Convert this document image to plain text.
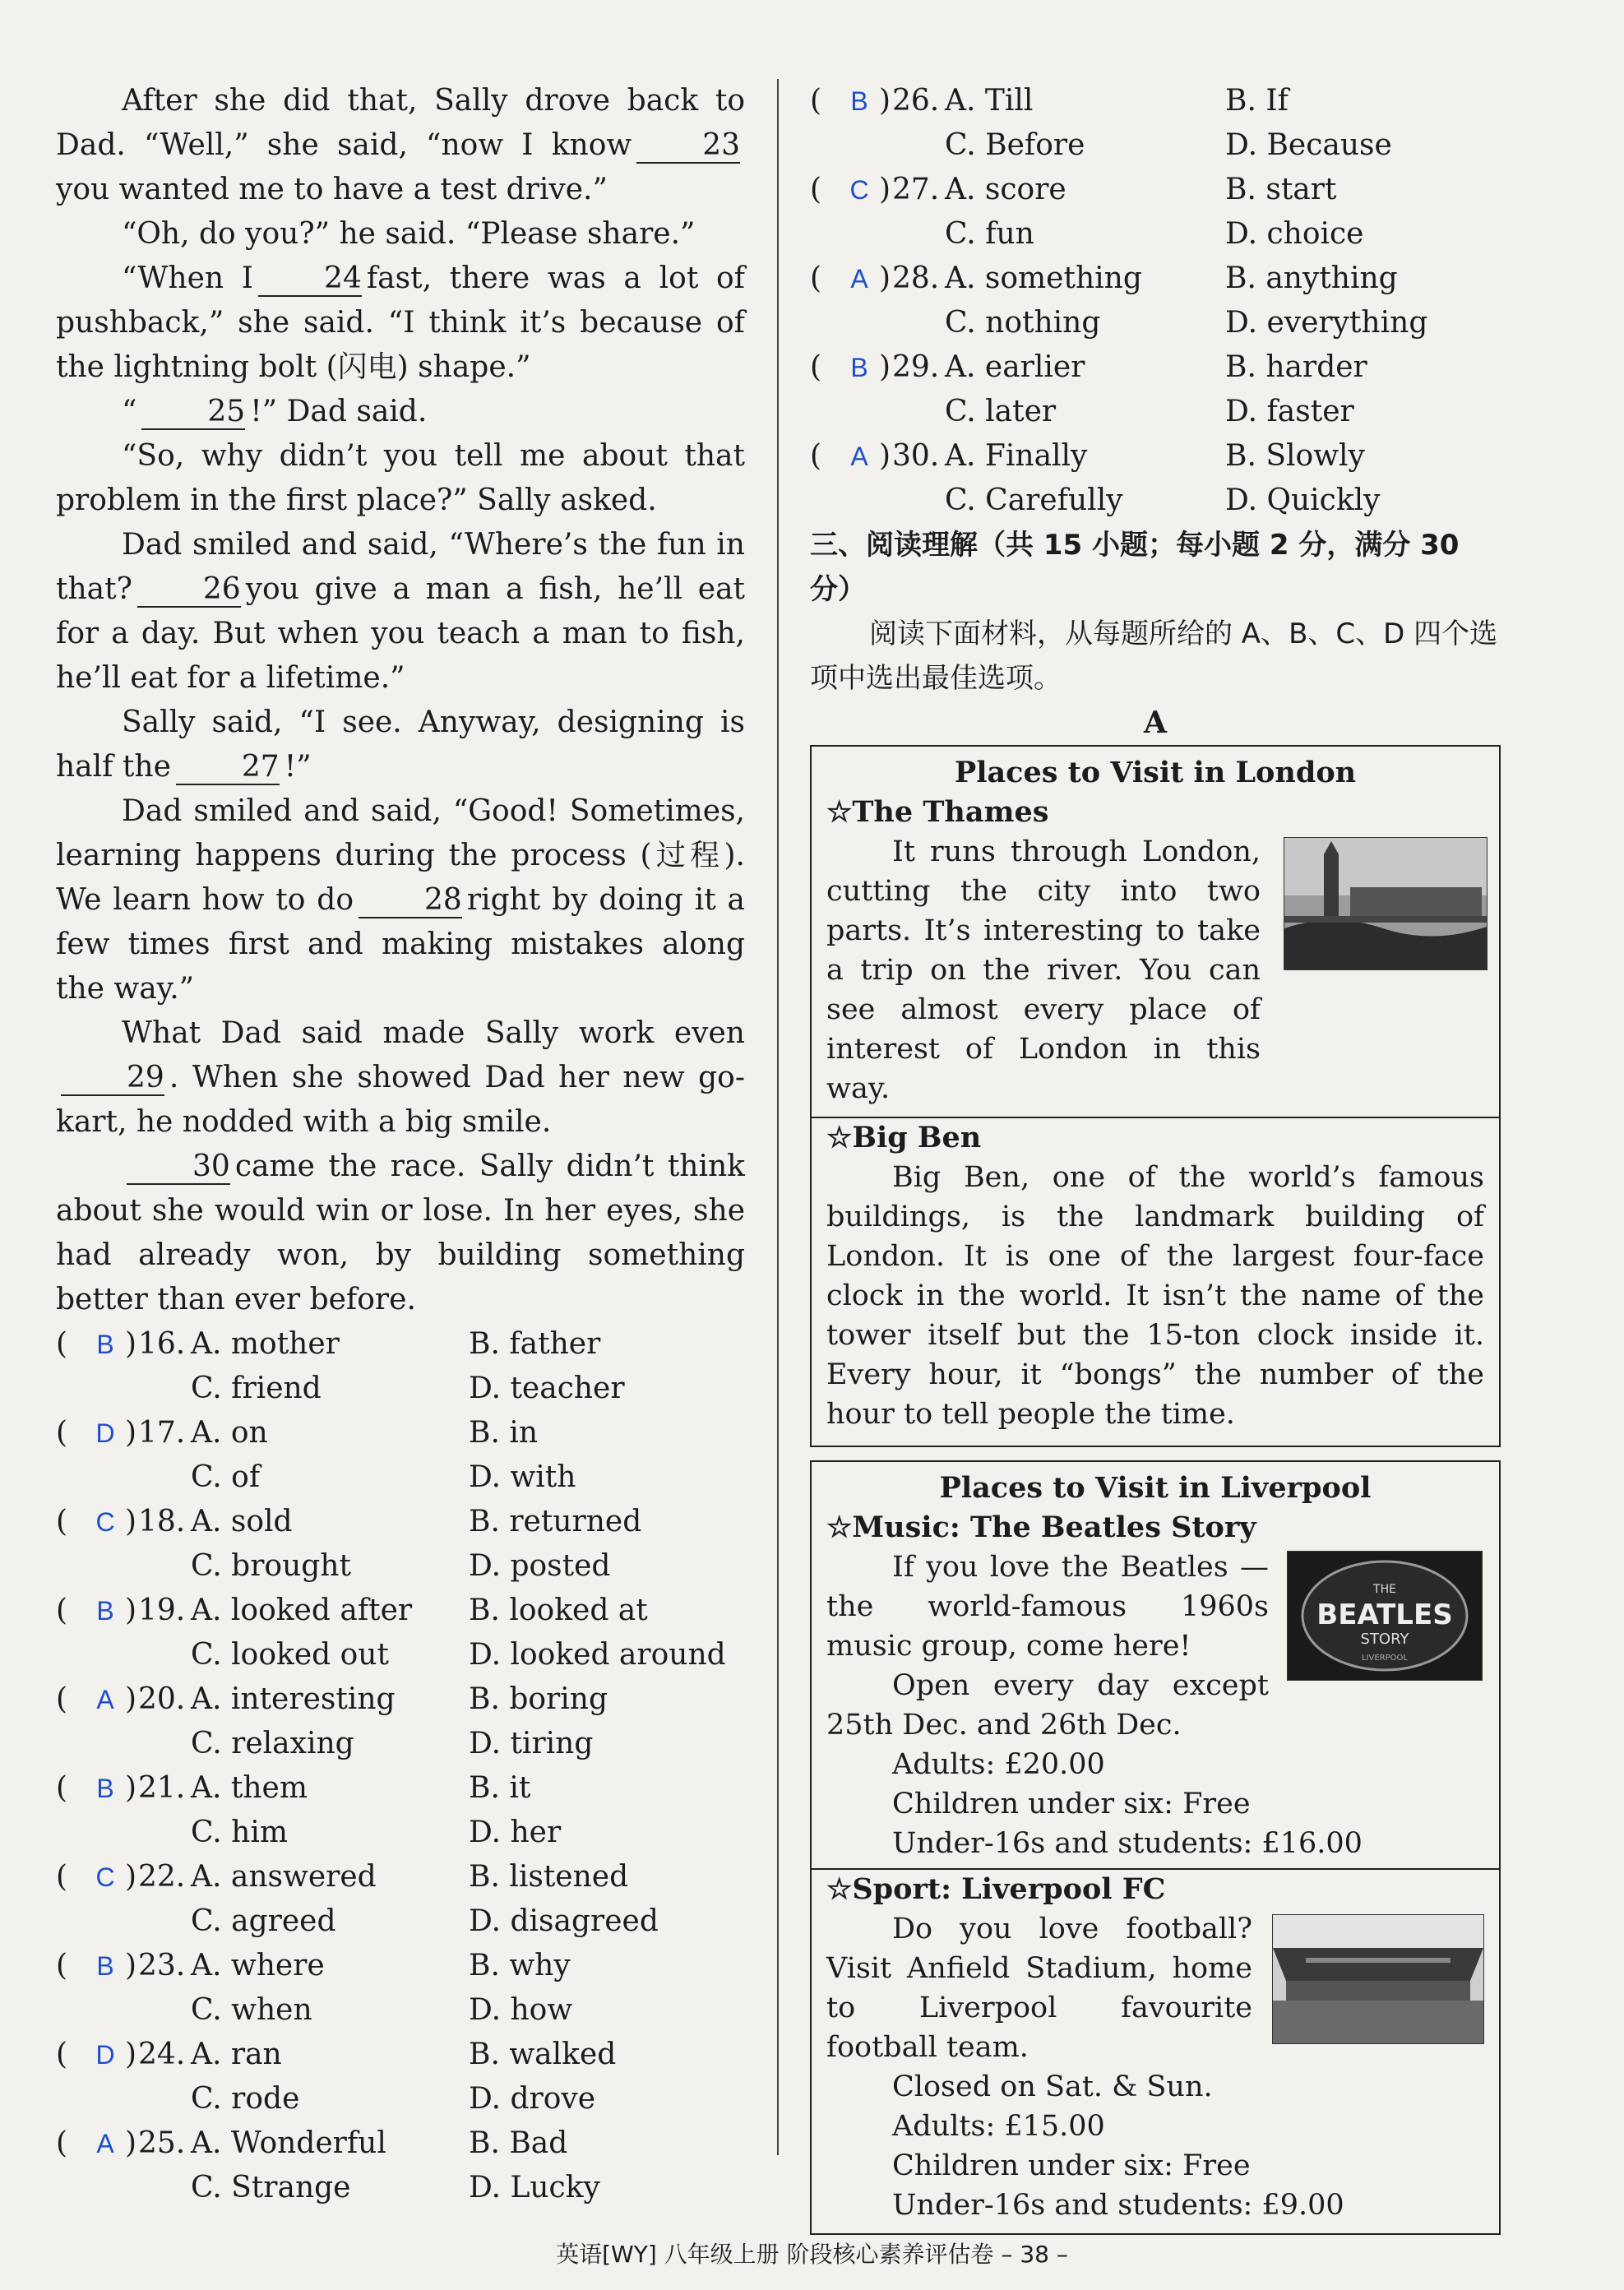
After she did that, Sally drove back to Dad. “Well,” she said, “now I know 23you wanted me to have a test drive.”

“Oh, do you?” he said. “Please share.”

“When I 24 fast, there was a lot of pushback,” she said. “I think it’s because of the lightning bolt (闪电) shape.”

“ 25 !” Dad said.

“So, why didn’t you tell me about that problem in the first place?” Sally asked.

Dad smiled and said, “Where’s the fun in that? 26 you give a man a fish, he’ll eat for a day. But when you teach a man to fish, he’ll eat for a lifetime.”

Sally said, “I see. Anyway, designing is half the 27 !”

Dad smiled and said, “Good! Sometimes, learning happens during the process (过程). We learn how to do 28 right by doing it a few times first and making mistakes along the way.”

What Dad said made Sally work even29 . When she showed Dad her new go-kart, he nodded with a big smile.

30 came the race. Sally didn’t think about she would win or lose. In her eyes, she had already won, by building something better than ever before.

( B ) 16. A. mother	B. father
C. friend	D. teacher
( D ) 17. A. on	B. in
C. of	D. with
( C ) 18. A. sold	B. returned
C. brought	D. posted
( B ) 19. A. looked after B. looked at
C. looked out	D. looked around
( A ) 20. A. interesting B. boring
C. relaxing	D. tiring
( B ) 21. A. them	B. it
C. him	D. her
( C ) 22. A. answered	B. listened
C. agreed	D. disagreed
( B ) 23. A. where	B. why
C. when	D. how
( D ) 24. A. ran	B. walked
C. rode	D. drove
( A ) 25. A. Wonderful	B. Bad
C. Strange	D. Lucky
( B ) 26. A. Till	B. If
C. Before	D. Because
( C ) 27. A. score	B. start
C. fun	D. choice
( A ) 28. A. something	B. anything
C. nothing	D. everything
( B ) 29. A. earlier	B. harder
C. later	D. faster
( A ) 30. A. Finally	B. Slowly
C. Carefully	D. Quickly
三、阅读理解（共 15 小题；每小题 2 分，满分 30 分）

阅读下面材料，从每题所给的 A、B、C、D 四个选项中选出最佳选项。

A
Places to Visit in London
☆The Thames
It runs through London, cutting the city into two parts. It’s interesting to take a trip on the river. You can see almost every place of interest of London in this way.
☆Big Ben
Big Ben, one of the world’s famous buildings, is the landmark building of London. It is one of the largest four-face clock in the world. It isn’t the name of the tower itself but the 15-ton clock inside it. Every hour, it “bongs” the number of the hour to tell people the time.
Places to Visit in Liverpool
☆Music: The Beatles Story
THE
BEATLES
STORY
LIVERPOOL
If you love the Beatles — the world-famous 1960s music group, come here!
Open every day except 25th Dec. and 26th Dec.
Adults: £20.00
Children under six: Free
Under-16s and students: £16.00
☆Sport: Liverpool FC
Do you love football? Visit Anfield Stadium, home to Liverpool favourite football team.
Closed on Sat. & Sun.
Adults: £15.00
Children under six: Free
Under-16s and students: £9.00
英语[WY] 八年级上册 阶段核心素养评估卷 – 38 –
